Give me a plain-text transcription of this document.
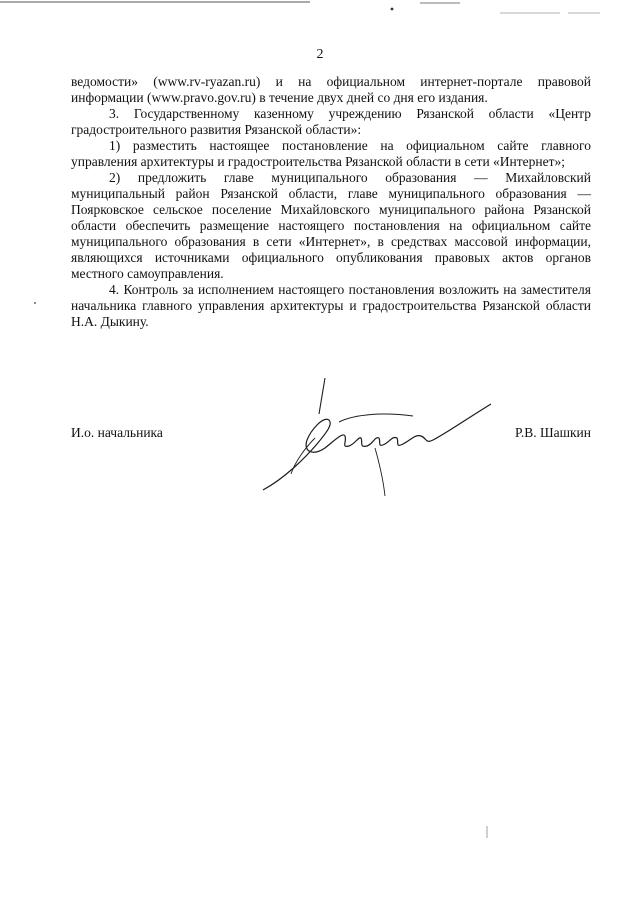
2

ведомости» (www.rv-ryazan.ru) и на официальном интернет-портале правовой информации (www.pravo.gov.ru) в течение двух дней со дня его издания.

3. Государственному казенному учреждению Рязанской области «Центр градостроительного развития Рязанской области»:

1) разместить настоящее постановление на официальном сайте главного управления архитектуры и градостроительства Рязанской области в сети «Интернет»;

2) предложить главе муниципального образования — Михайловский муниципальный район Рязанской области, главе муниципального образования — Поярковское сельское поселение Михайловского муниципального района Рязанской области обеспечить размещение настоящего постановления на официальном сайте муниципального образования в сети «Интернет», в средствах массовой информации, являющихся источниками официального опубликования правовых актов органов местного самоуправления.

4. Контроль за исполнением настоящего постановления возложить на заместителя начальника главного управления архитектуры и градостроительства Рязанской области Н.А. Дыкину.

И.о. начальника	Р.В. Шашкин
